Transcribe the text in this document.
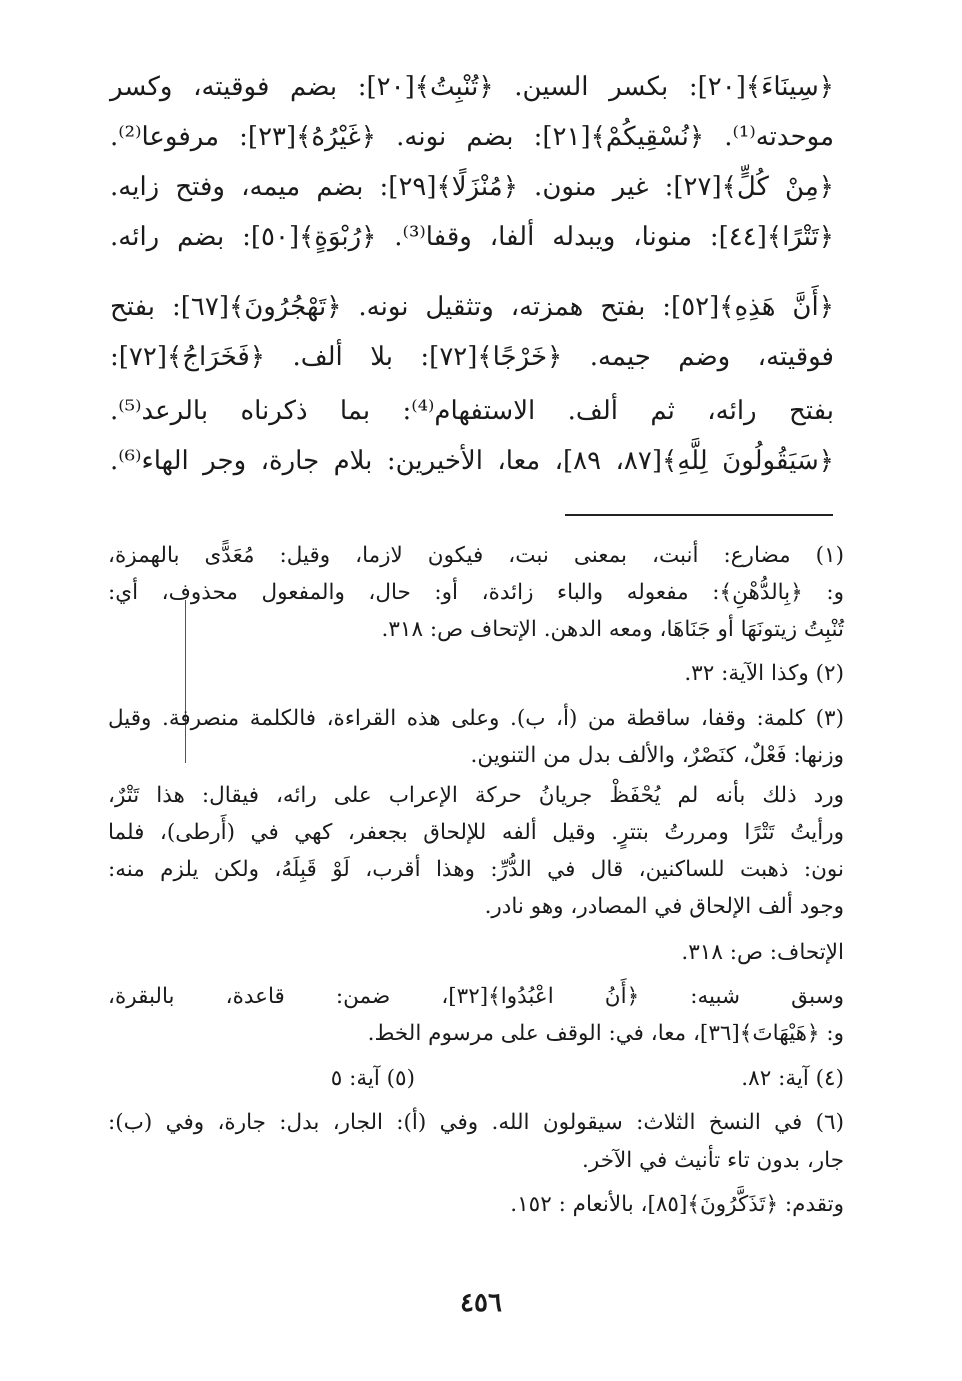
﴿سِينَاءَ﴾[٢٠]: بكسر السين. ﴿تُنْبِتُ﴾[٢٠]: بضم فوقيته، وكسر
موحدته⁽¹⁾. ﴿نُسْقِيكُمْ﴾[٢١]: بضم نونه. ﴿غَيْرُهُ﴾[٢٣]: مرفوعا⁽²⁾.
﴿مِنْ كُلٍّ﴾[٢٧]: غير منون. ﴿مُنْزَلًا﴾[٢٩]: بضم ميمه، وفتح زايه.
﴿تَتْرًا﴾[٤٤]: منونا، ويبدله ألفا، وقفا⁽³⁾. ﴿رُبْوَةٍ﴾[٥٠]: بضم رائه.
﴿أَنَّ هَذِهِ﴾[٥٢]: بفتح همزته، وتثقيل نونه. ﴿تَهْجُرُونَ﴾[٦٧]: بفتح
فوقيته، وضم جيمه. ﴿خَرْجًا﴾[٧٢]: بلا ألف. ﴿فَخَرَاجُ﴾[٧٢]:
بفتح رائه، ثم ألف. الاستفهام⁽⁴⁾: بما ذكرناه بالرعد⁽⁵⁾.
﴿سَيَقُولُونَ لِلَّهِ﴾[٨٧، ٨٩]، معا، الأخيرين: بلام جارة، وجر الهاء⁽⁶⁾.
(١) مضارع: أنبت، بمعنى نبت، فيكون لازما، وقيل: مُعَدًّى بالهمزة،
و: ﴿بِالدُّهْنِ﴾: مفعوله والباء زائدة، أو: حال، والمفعول محذوف، أي:
تُنْبِتُ زيتونَهَا أو جَنَاهَا، ومعه الدهن. الإتحاف ص: ٣١٨.
(٢) وكذا الآية: ٣٢.
(٣) كلمة: وقفا، ساقطة من (أ، ب). وعلى هذه القراءة، فالكلمة منصرفة. وقيل
وزنها: فَعْلٌ، كنَصْرٌ، والألف بدل من التنوين.
ورد ذلك بأنه لم يُحْفَظْ جريانُ حركة الإعراب على رائه، فيقال: هذا تَتْرٌ،
ورأيتُ تَتْرًا ومررتُ بتترٍ. وقيل ألفه للإلحاق بجعفر، كهي في (أَرطى)، فلما
نون: ذهبت للساكنين، قال في الدُّرِّ: وهذا أقرب، لَوْ قَبِلَهُ، ولكن يلزم منه:
وجود ألف الإلحاق في المصادر، وهو نادر.
الإتحاف: ص: ٣١٨.
وسبق شبيه: ﴿أَنُ اعْبُدُوا﴾[٣٢]، ضمن: قاعدة، بالبقرة،
و: ﴿هَيْهَاتَ﴾[٣٦]، معا، في: الوقف على مرسوم الخط.
(٤) آية: ٨٢.
(٥) آية: ٥
(٦) في النسخ الثلاث: سيقولون الله. وفي (أ): الجار، بدل: جارة، وفي (ب):
جار، بدون تاء تأنيث في الآخر.
وتقدم: ﴿تَذَكَّرُونَ﴾[٨٥]، بالأنعام : ١٥٢.
٤٥٦
